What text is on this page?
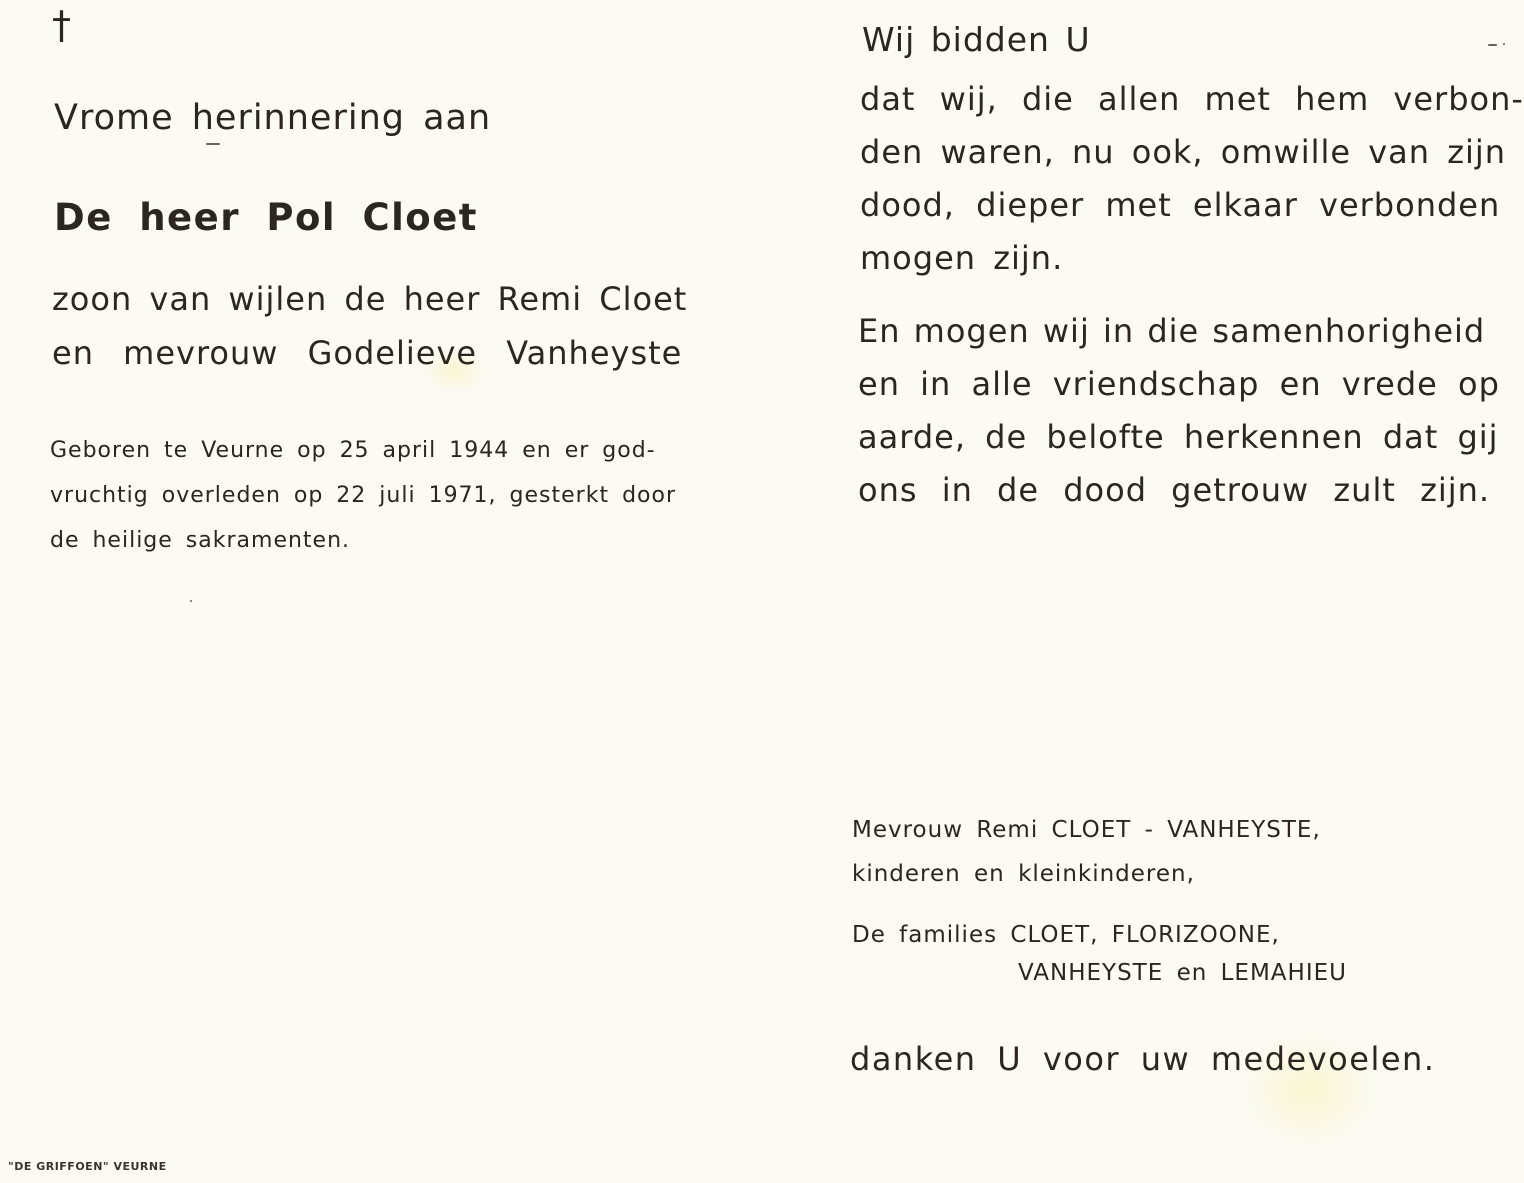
†
Vrome herinnering aan
De heer Pol Cloet
zoon van wijlen de heer Remi Cloet
en mevrouw Godelieve Vanheyste
Geboren te Veurne op 25 april 1944 en er god-
vruchtig overleden op 22 juli 1971, gesterkt door
de heilige sakramenten.
"DE GRIFFOEN" VEURNE
Wij bidden U
dat wij, die allen met hem verbon-
den waren, nu ook, omwille van zijn
dood, dieper met elkaar verbonden
mogen zijn.
En mogen wij in die samenhorigheid
en in alle vriendschap en vrede op
aarde, de belofte herkennen dat gij
ons in de dood getrouw zult zijn.
Mevrouw Remi CLOET - VANHEYSTE,
kinderen en kleinkinderen,
De families CLOET, FLORIZOONE,
VANHEYSTE en LEMAHIEU
danken U voor uw medevoelen.
